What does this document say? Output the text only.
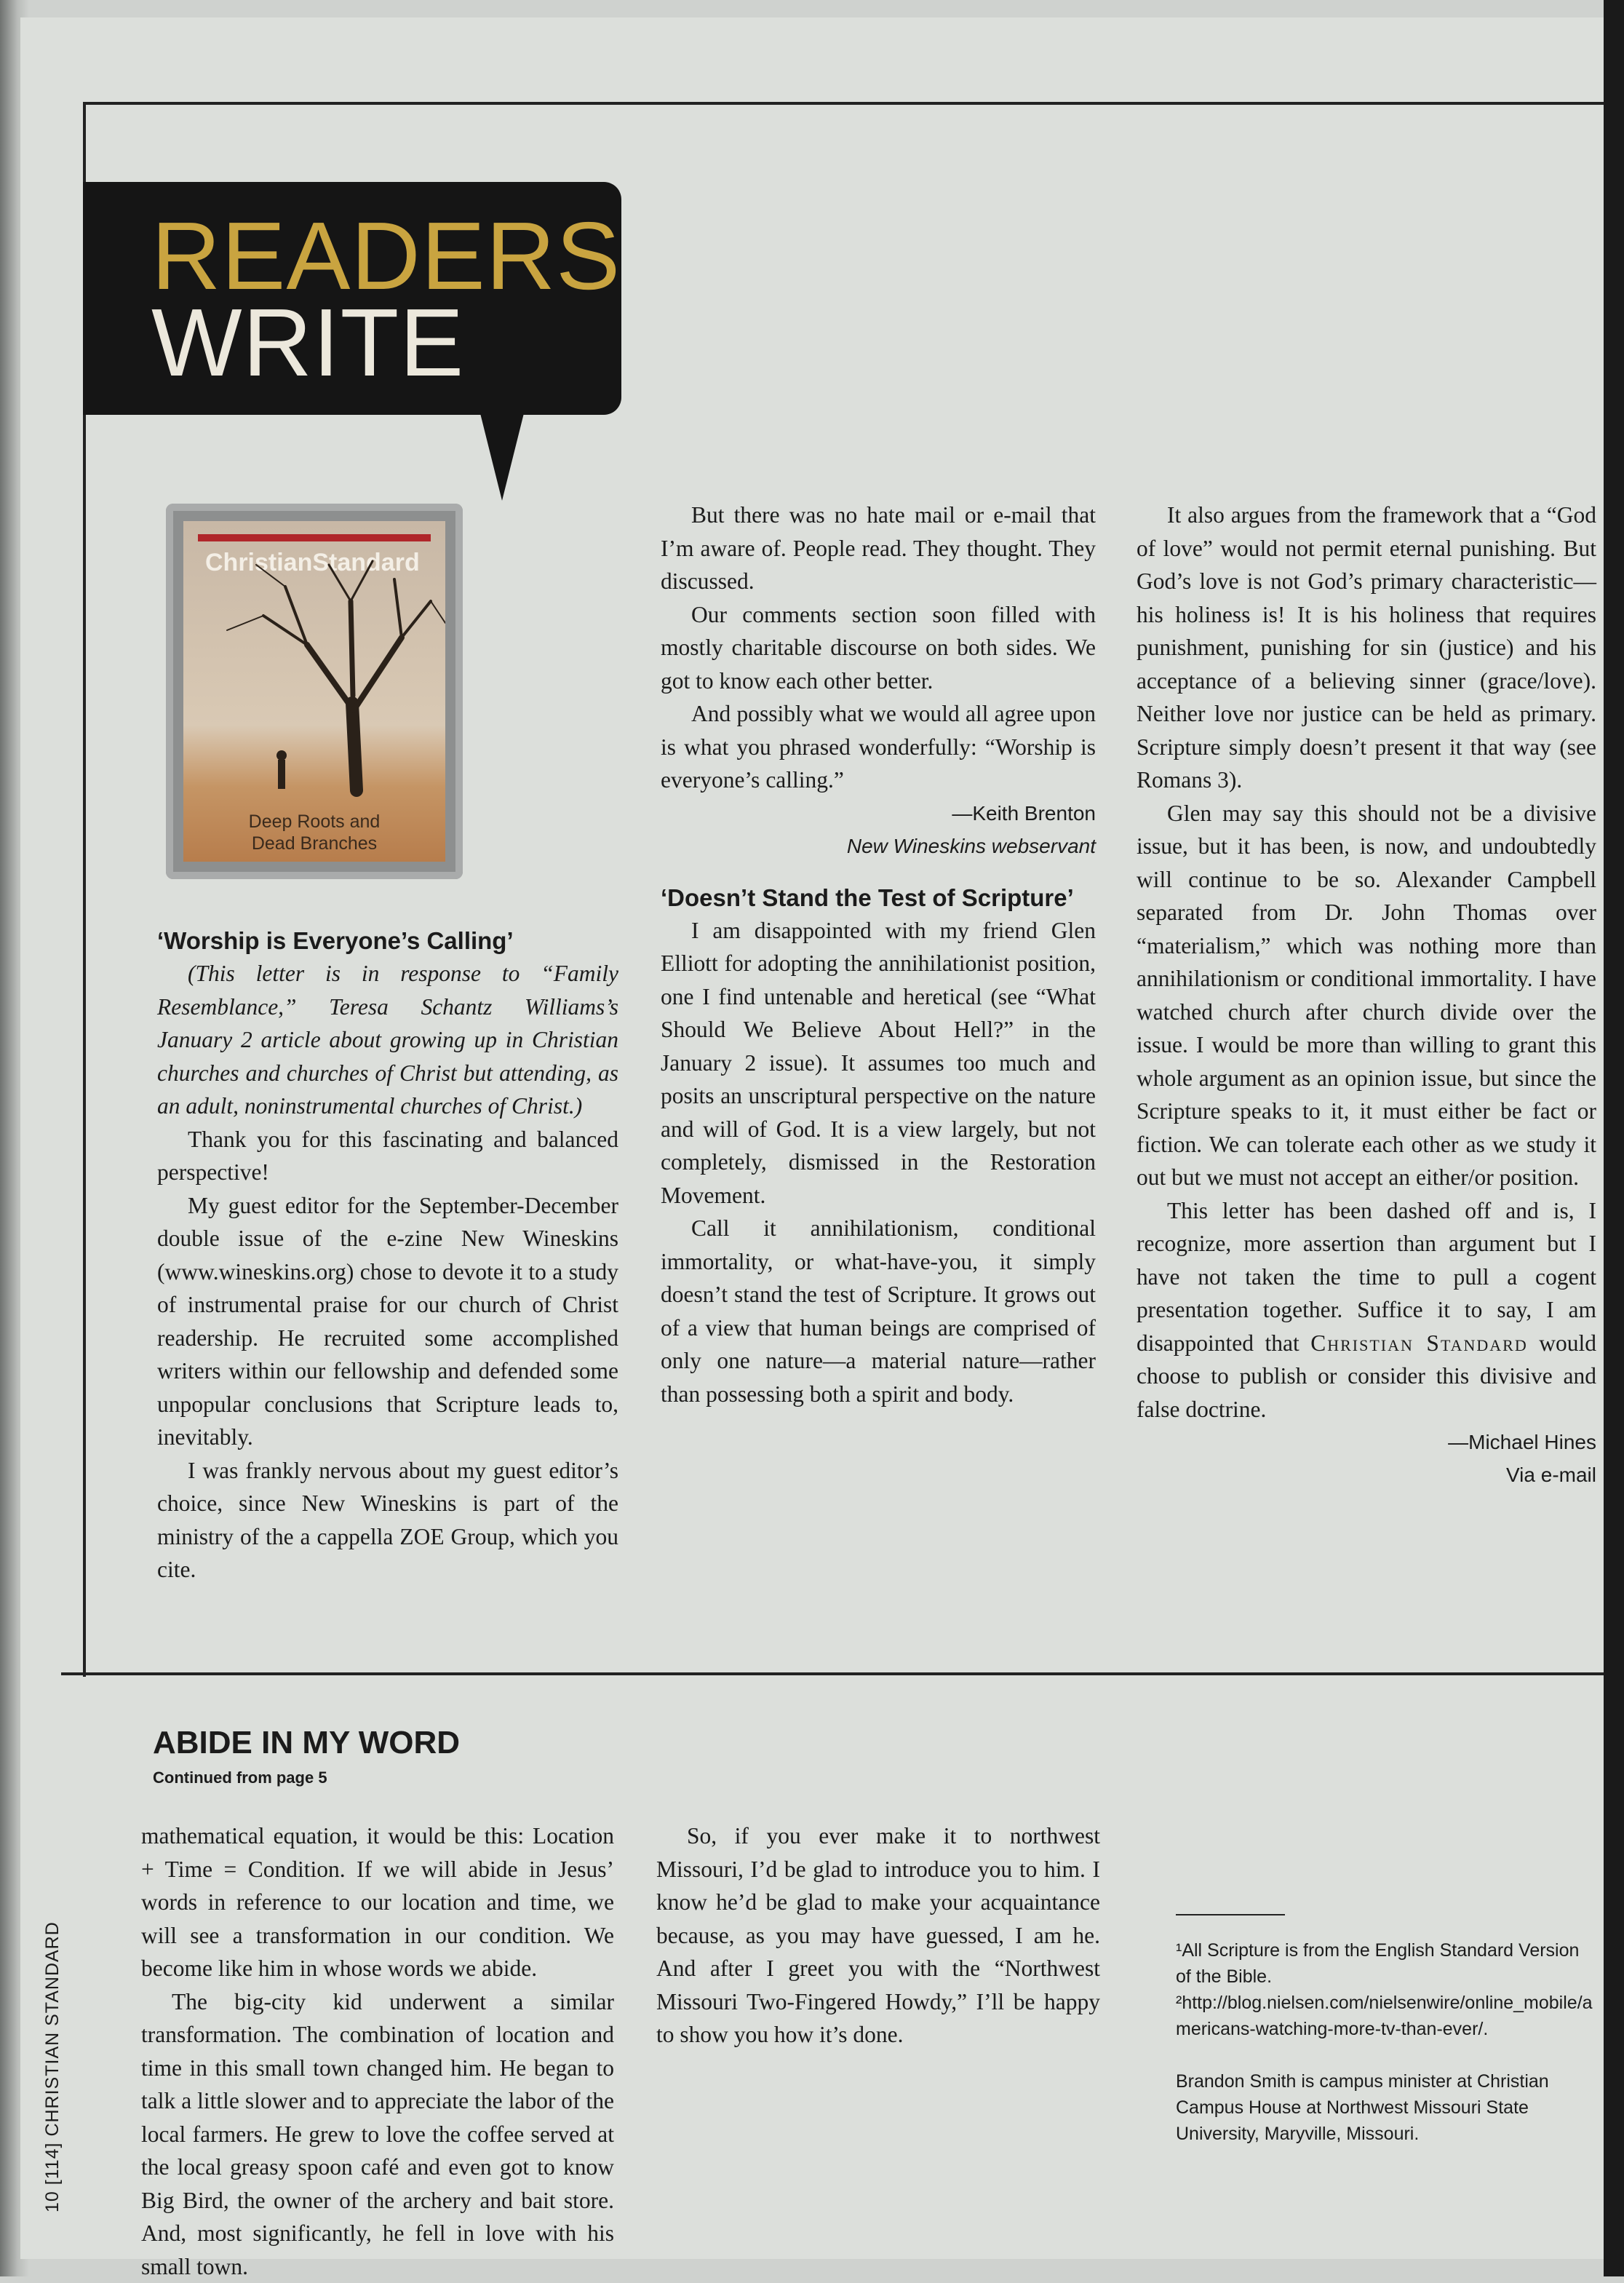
READERS
WRITE
ChristianStandard
Deep Roots and
Dead Branches

‘Worship is Everyone’s Calling’

(This letter is in response to “Family Resemblance,” Teresa Schantz Williams’s January 2 article about growing up in Christian churches and churches of Christ but attending, as an adult, noninstrumental churches of Christ.)

Thank you for this fascinating and balanced perspective!

My guest editor for the September-December double issue of the e-zine New Wineskins (www.wineskins.org) chose to devote it to a study of instrumental praise for our church of Christ readership. He recruited some accomplished writers within our fellowship and defended some unpopular conclusions that Scripture leads to, inevitably.

I was frankly nervous about my guest editor’s choice, since New Wineskins is part of the ministry of the a cappella ZOE Group, which you cite.

But there was no hate mail or e-mail that I’m aware of. People read. They thought. They discussed.

Our comments section soon filled with mostly charitable discourse on both sides. We got to know each other better.

And possibly what we would all agree upon is what you phrased wonderfully: “Worship is everyone’s calling.”

—Keith Brenton
New Wineskins webservant

‘Doesn’t Stand the Test of Scripture’

I am disappointed with my friend Glen Elliott for adopting the annihilationist position, one I find untenable and heretical (see “What Should We Believe About Hell?” in the January 2 issue). It assumes too much and posits an unscriptural perspective on the nature and will of God. It is a view largely, but not completely, dismissed in the Restoration Movement.

Call it annihilationism, conditional immortality, or what-have-you, it simply doesn’t stand the test of Scripture. It grows out of a view that human beings are comprised of only one nature—a material nature—rather than possessing both a spirit and body.

It also argues from the framework that a “God of love” would not permit eternal punishing. But God’s love is not God’s primary characteristic—his holiness is! It is his holiness that requires punishment, punishing for sin (justice) and his acceptance of a believing sinner (grace/love). Neither love nor justice can be held as primary. Scripture simply doesn’t present it that way (see Romans 3).

Glen may say this should not be a divisive issue, but it has been, is now, and undoubtedly will continue to be so. Alexander Campbell separated from Dr. John Thomas over “materialism,” which was nothing more than annihilationism or conditional immortality. I have watched church after church divide over the issue. I would be more than willing to grant this whole argument as an opinion issue, but since the Scripture speaks to it, it must either be fact or fiction. We can tolerate each other as we study it out but we must not accept an either/or position.

This letter has been dashed off and is, I recognize, more assertion than argument but I have not taken the time to pull a cogent presentation together. Suffice it to say, I am disappointed that Christian Standard would choose to publish or consider this divisive and false doctrine.

—Michael Hines
Via e-mail
ABIDE IN MY WORD
Continued from page 5

mathematical equation, it would be this: Location + Time = Condition. If we will abide in Jesus’ words in reference to our location and time, we will see a transformation in our condition. We become like him in whose words we abide.

The big-city kid underwent a similar transformation. The combination of location and time in this small town changed him. He began to talk a little slower and to appreciate the labor of the local farmers. He grew to love the coffee served at the local greasy spoon café and even got to know Big Bird, the owner of the archery and bait store. And, most significantly, he fell in love with his small town.

So, if you ever make it to northwest Missouri, I’d be glad to introduce you to him. I know he’d be glad to make your acquaintance because, as you may have guessed, I am he. And after I greet you with the “Northwest Missouri Two-Fingered Howdy,” I’ll be happy to show you how it’s done.

¹All Scripture is from the English Standard Version of the Bible.

²http://blog.nielsen.com/nielsenwire/online_mobile/americans-watching-more-tv-than-ever/.

Brandon Smith is campus minister at Christian Campus House at Northwest Missouri State University, Maryville, Missouri.

10 [114] CHRISTIAN STANDARD
